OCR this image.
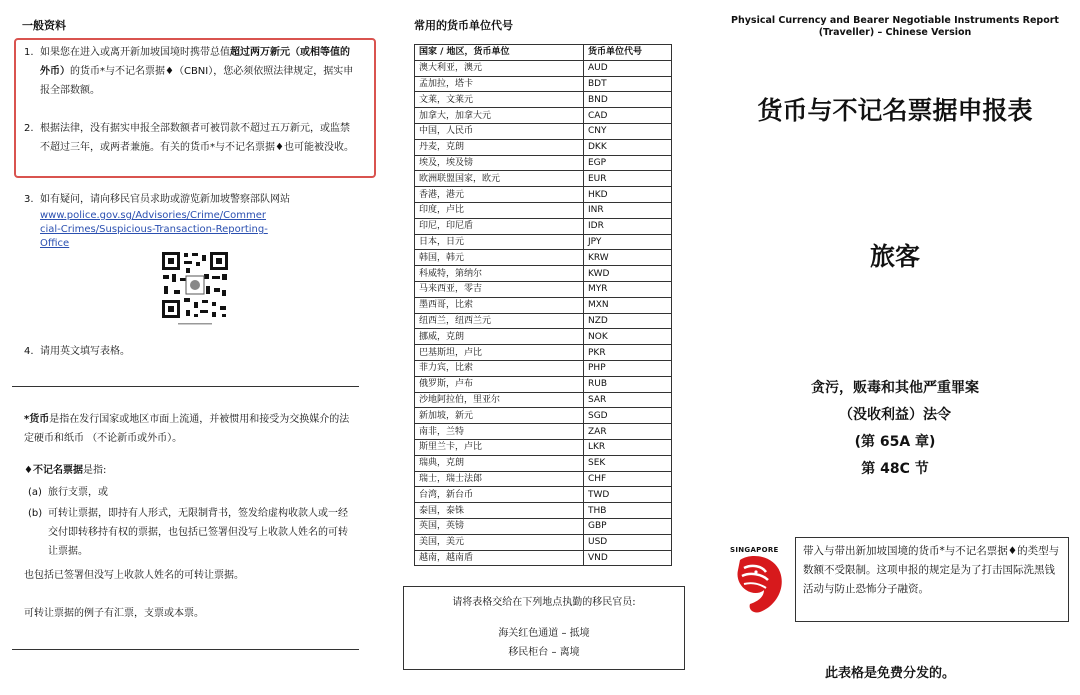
一般资料
1. 如果您在进入或离开新加坡国境时携带总值超过两万新元（或相等值的外币）的货币*与不记名票据♦（CBNI），您必须依照法律规定，据实申报全部数额。
2. 根据法律，没有据实申报全部数额者可被罚款不超过五万新元，或监禁不超过三年，或两者兼施。有关的货币*与不记名票据♦也可能被没收。
3. 如有疑问，请向移民官员求助或游览新加坡警察部队网站
www.police.gov.sg/Advisories/Crime/Commercial-Crimes/Suspicious-Transaction-Reporting-Office
4. 请用英文填写表格。
*货币是指在发行国家或地区市面上流通，并被惯用和接受为交换媒介的法定硬币和纸币 （不论新币或外币）。
♦不记名票据是指:
(a) 旅行支票，或
(b) 可转让票据，即持有人形式，无限制背书，签发给虚构收款人或一经交付即转移持有权的票据，也包括已签署但没写上收款人姓名的可转让票据。
也包括已签署但没写上收款人姓名的可转让票据。
可转让票据的例子有汇票，支票或本票。
常用的货币单位代号
国家 / 地区，货币单位	货币单位代号
澳大利亚，澳元	AUD
孟加拉，塔卡	BDT
文莱，文莱元	BND
加拿大，加拿大元	CAD
中国，人民币	CNY
丹麦，克朗	DKK
埃及，埃及镑	EGP
欧洲联盟国家，欧元	EUR
香港，港元	HKD
印度，卢比	INR
印尼，印尼盾	IDR
日本，日元	JPY
韩国，韩元	KRW
科威特，第纳尔	KWD
马来西亚，零吉	MYR
墨西哥，比索	MXN
纽西兰，纽西兰元	NZD
挪威，克朗	NOK
巴基斯坦，卢比	PKR
菲力宾，比索	PHP
俄罗斯，卢布	RUB
沙地阿拉伯，里亚尔	SAR
新加坡，新元	SGD
南非，兰特	ZAR
斯里兰卡，卢比	LKR
瑞典，克朗	SEK
瑞士，瑞士法郎	CHF
台湾，新台币	TWD
泰国，泰铢	THB
英国，英镑	GBP
美国，美元	USD
越南，越南盾	VND
请将表格交给在下列地点执勤的移民官员:
海关红色通道 – 抵境
移民柜台 – 离境
Physical Currency and Bearer Negotiable Instruments Report
(Traveller) – Chinese Version
货币与不记名票据申报表
旅客
贪污，贩毒和其他严重罪案
（没收利益）法令
(第 65A 章)
第 48C 节
SINGAPORE	带入与带出新加坡国境的货币*与不记名票据♦的类型与数额不受限制。这项申报的规定是为了打击国际洗黑钱活动与防止恐怖分子融资。
此表格是免费分发的。
